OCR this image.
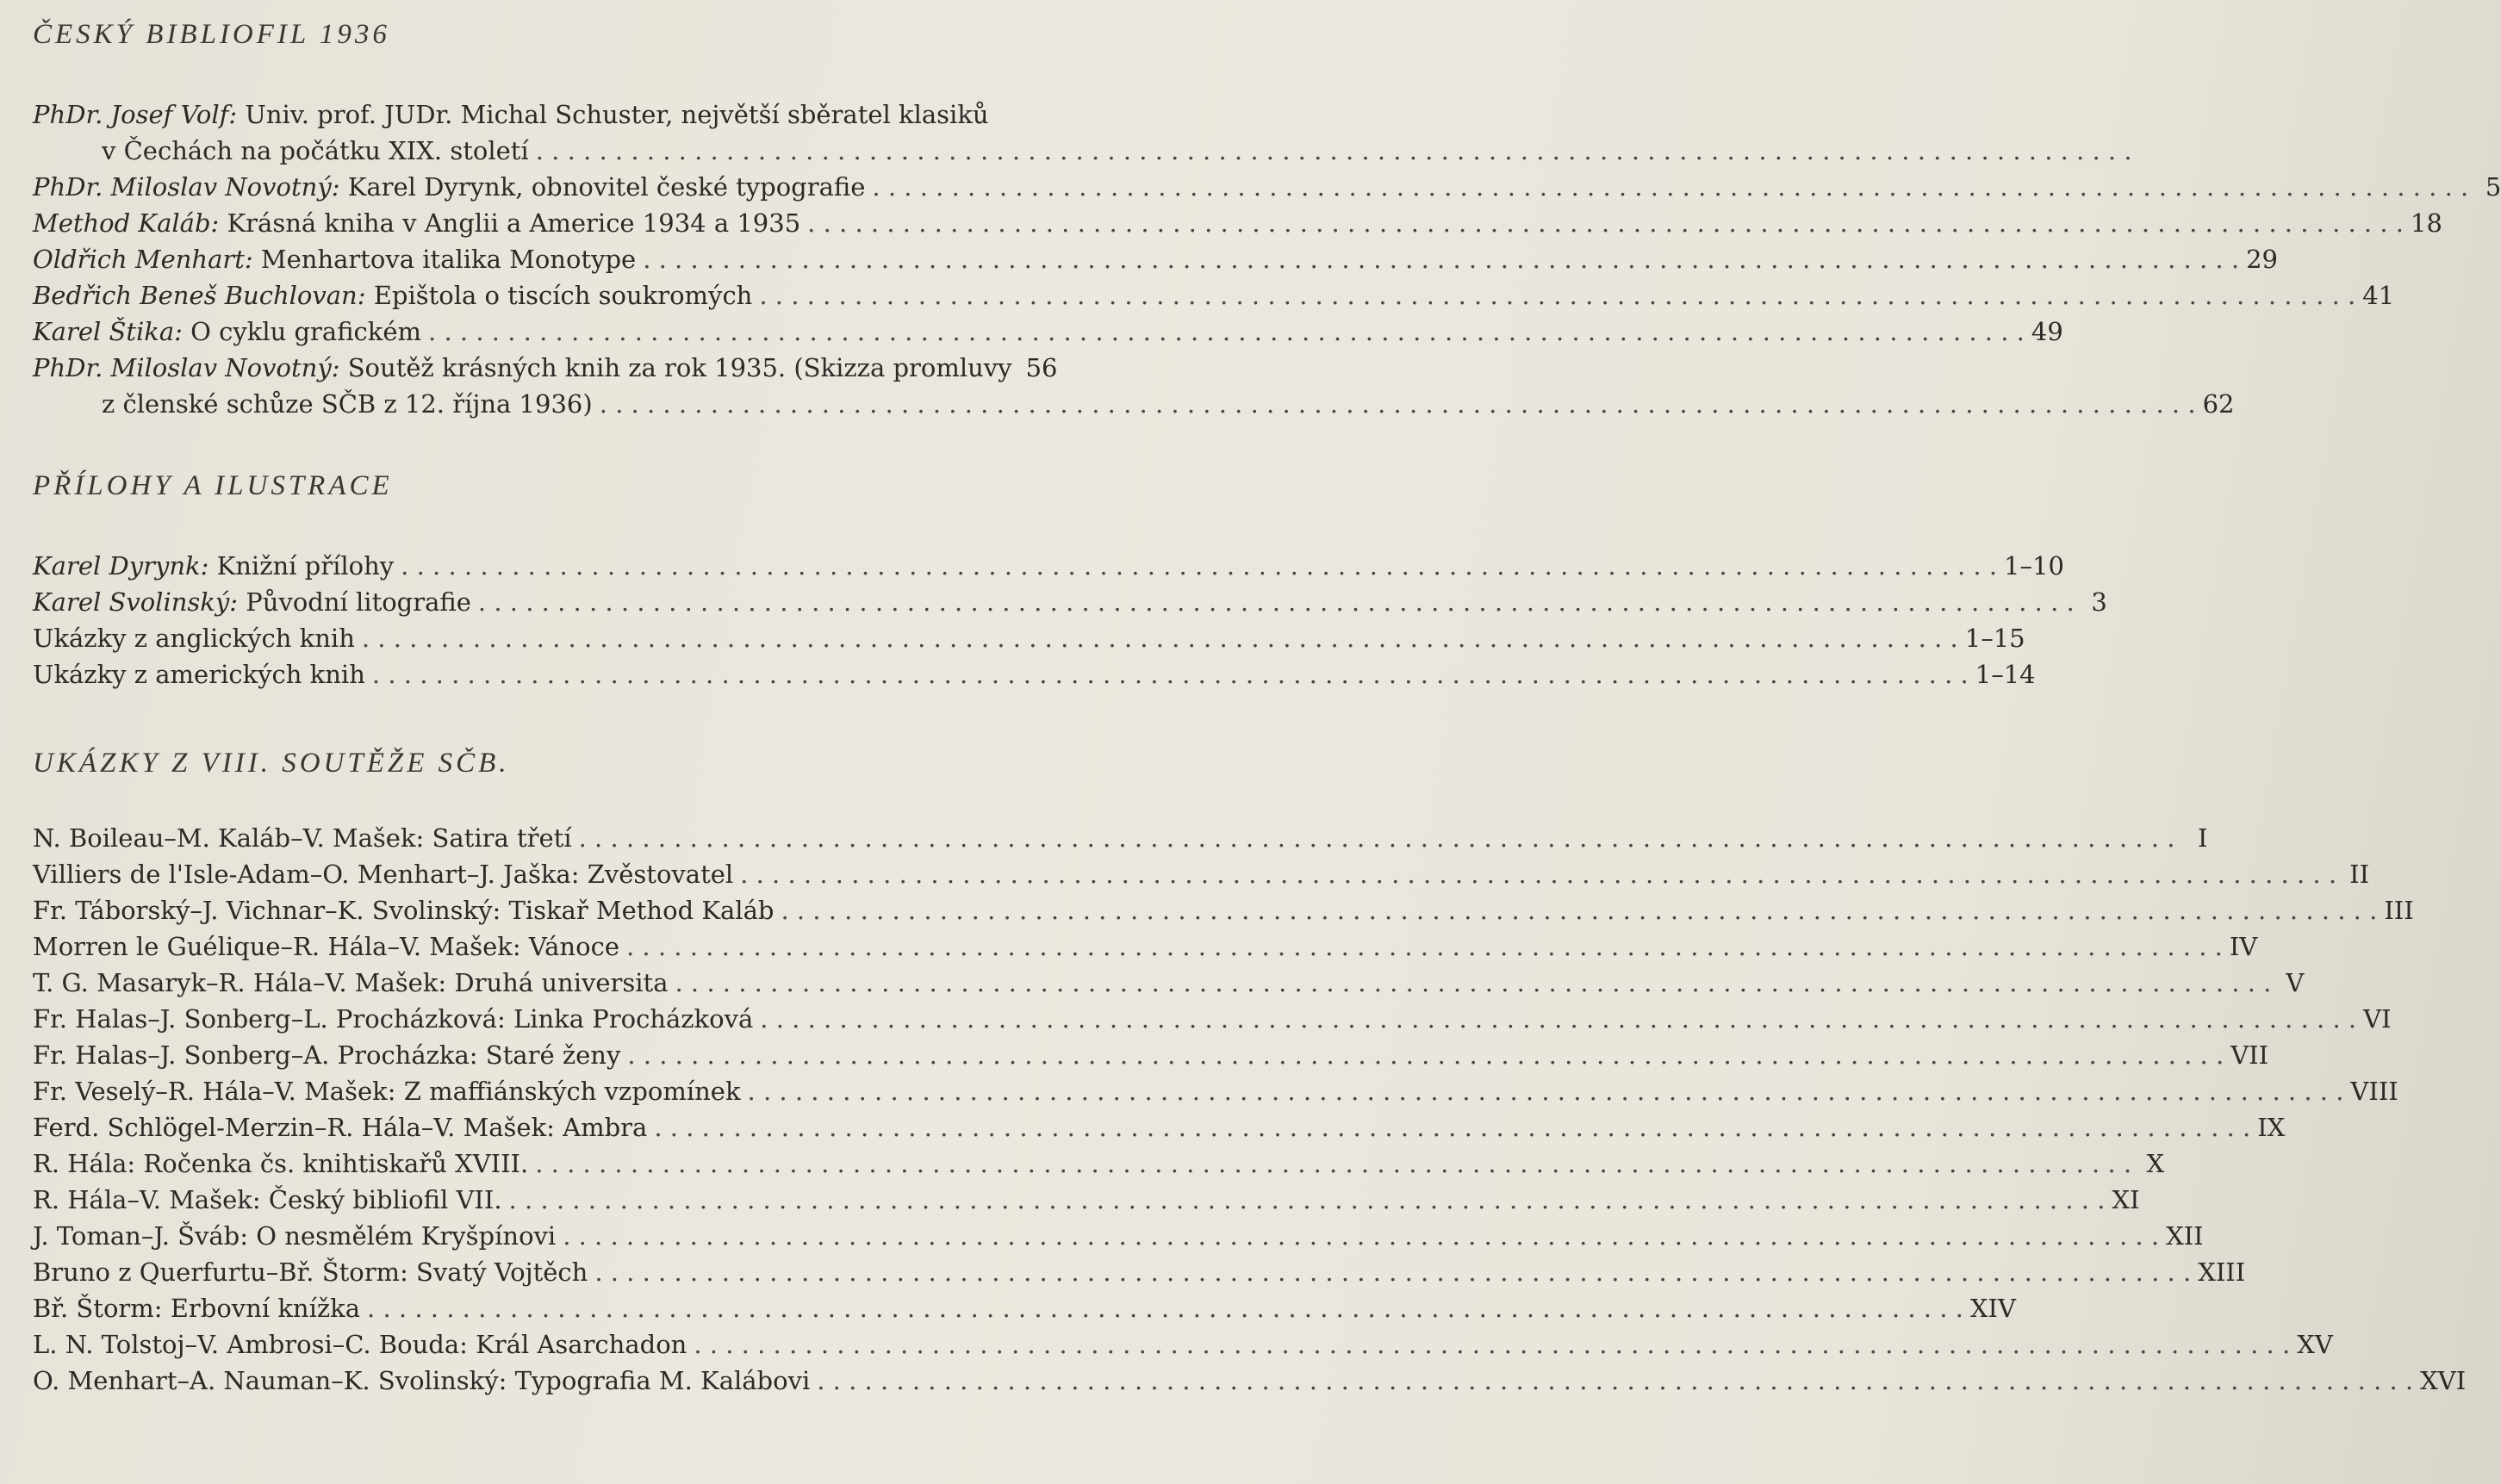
ČESKÝ BIBLIOFIL 1936
PhDr. Josef Volf:
Univ. prof. JUDr. Michal Schuster, největší sběratel klasiků
v Čechách na počátku XIX. století
. . .
PhDr. Miloslav Novotný:
Karel Dyrynk, obnovitel české typografie . . .	5
Method Kaláb:
Krásná kniha v Anglii a Americe 1934 a 1935 . . .	18
Oldřich Menhart:
Menhartova italika Monotype . . .	29
Bedřich Beneš Buchlovan:
Epištola o tiscích soukromých . . .	41
Karel Štika:
O cyklu grafickém . . .	49
PhDr. Miloslav Novotný:
Soutěž krásných knih za rok 1935. (Skizza promluvy 56
z členské schůze SČB z 12. října 1936) . . .	62
PŘÍLOHY A ILUSTRACE
Karel Dyrynk:
Knižní přílohy . . .	1–10
Karel Svolinský:
Původní litografie . . .	3
Ukázky z anglických knih . . .	1–15
Ukázky z amerických knih . . .	1–14
UKÁZKY Z VIII. SOUTĚŽE SČB.
N. Boileau–M. Kaláb–V. Mašek: Satira třetí . . .	I
Villiers de l'Isle-Adam–O. Menhart–J. Jaška: Zvěstovatel . . .	II
Fr. Táborský–J. Vichnar–K. Svolinský: Tiskař Method Kaláb . . .	III
Morren le Guélique–R. Hála–V. Mašek: Vánoce . . .	IV
T. G. Masaryk–R. Hála–V. Mašek: Druhá universita . . .	V
Fr. Halas–J. Sonberg–L. Procházková: Linka Procházková . . .	VI
Fr. Halas–J. Sonberg–A. Procházka: Staré ženy . . .	VII
Fr. Veselý–R. Hála–V. Mašek: Z maffiánských vzpomínek . . .	VIII
Ferd. Schlögel-Merzin–R. Hála–V. Mašek: Ambra . . .	IX
R. Hála: Ročenka čs. knihtiskařů XVIII. . . .	X
R. Hála–V. Mašek: Český bibliofil VII. . . .	XI
J. Toman–J. Šváb: O nesmělém Kryšpínovi . . .	XII
Bruno z Querfurtu–Bř. Štorm: Svatý Vojtěch . . .	XIII
Bř. Štorm: Erbovní knížka . . .	XIV
L. N. Tolstoj–V. Ambrosi–C. Bouda: Král Asarchadon . . .	XV
O. Menhart–A. Nauman–K. Svolinský: Typografia M. Kalábovi . . .	XVI
